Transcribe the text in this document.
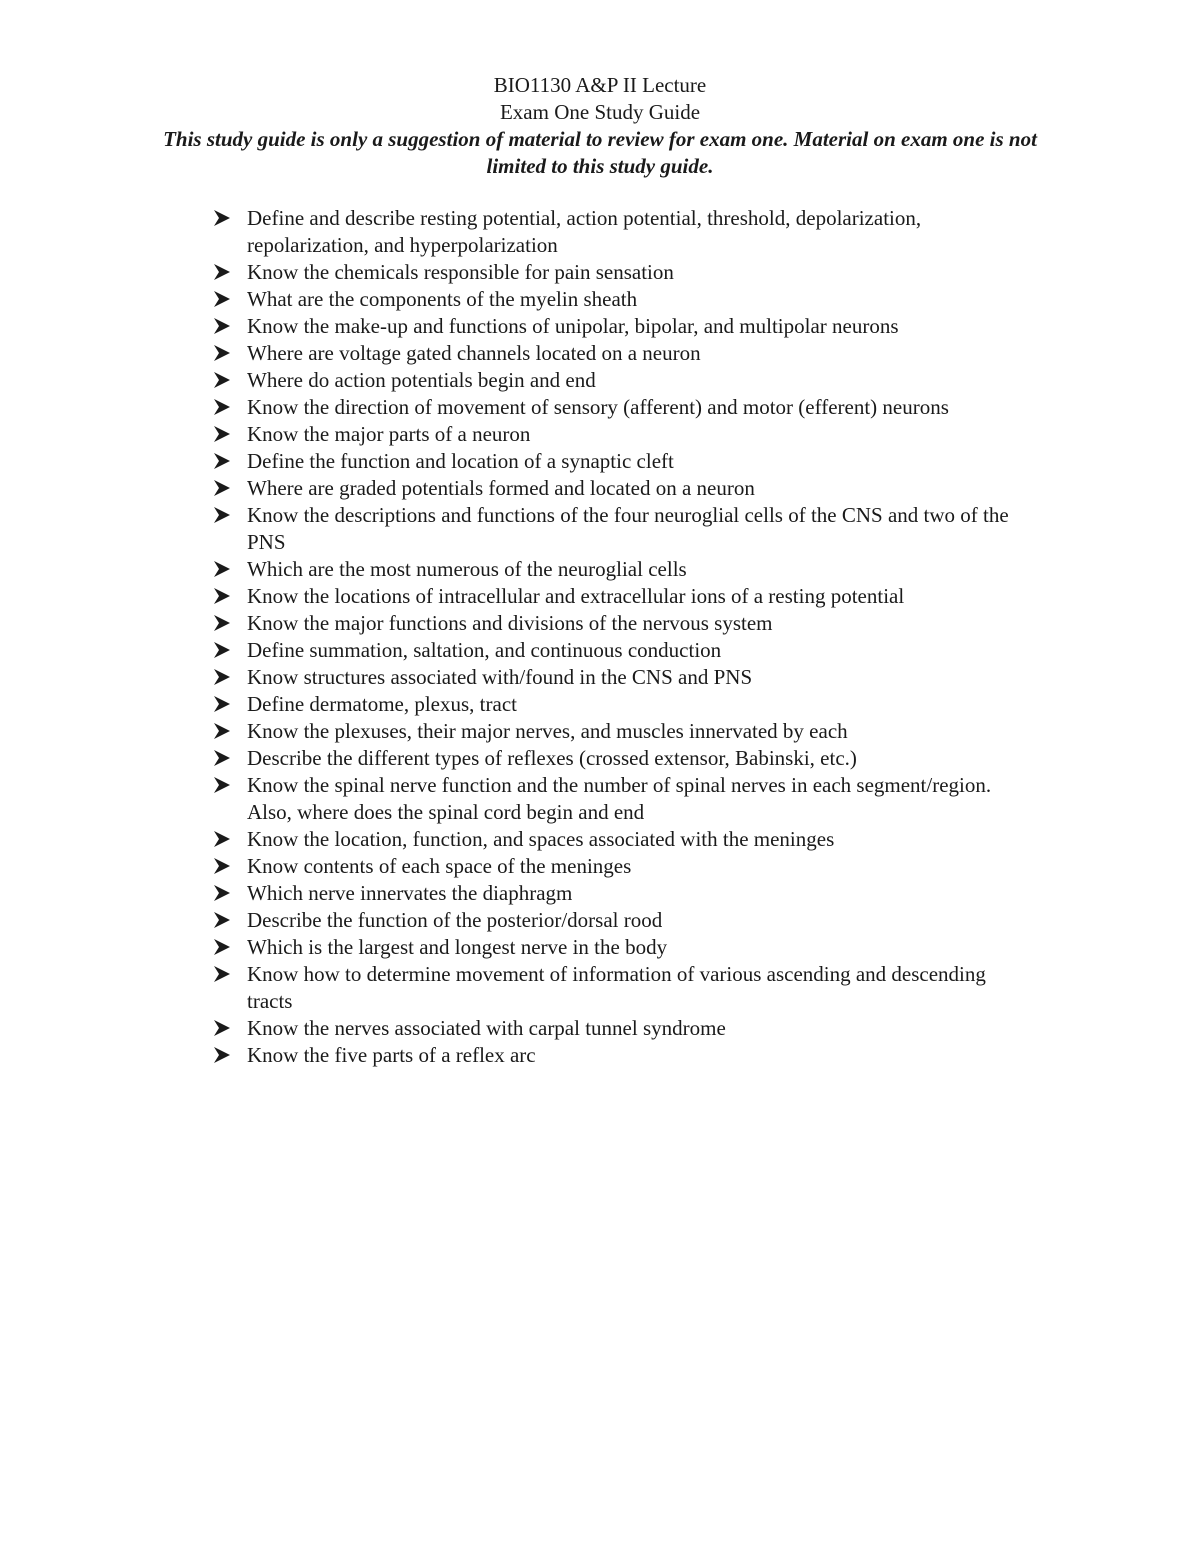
BIO1130 A&P II Lecture
Exam One Study Guide
This study guide is only a suggestion of material to review for exam one. Material on exam one is not limited to this study guide.
Define and describe resting potential, action potential, threshold, depolarization, repolarization, and hyperpolarization
Know the chemicals responsible for pain sensation
What are the components of the myelin sheath
Know the make-up and functions of unipolar, bipolar, and multipolar neurons
Where are voltage gated channels located on a neuron
Where do action potentials begin and end
Know the direction of movement of sensory (afferent) and motor (efferent) neurons
Know the major parts of a neuron
Define the function and location of a synaptic cleft
Where are graded potentials formed and located on a neuron
Know the descriptions and functions of the four neuroglial cells of the CNS and two of the PNS
Which are the most numerous of the neuroglial cells
Know the locations of intracellular and extracellular ions of a resting potential
Know the major functions and divisions of the nervous system
Define summation, saltation, and continuous conduction
Know structures associated with/found in the CNS and PNS
Define dermatome, plexus, tract
Know the plexuses, their major nerves, and muscles innervated by each
Describe the different types of reflexes (crossed extensor, Babinski, etc.)
Know the spinal nerve function and the number of spinal nerves in each segment/region. Also, where does the spinal cord begin and end
Know the location, function, and spaces associated with the meninges
Know contents of each space of the meninges
Which nerve innervates the diaphragm
Describe the function of the posterior/dorsal rood
Which is the largest and longest nerve in the body
Know how to determine movement of information of various ascending and descending tracts
Know the nerves associated with carpal tunnel syndrome
Know the five parts of a reflex arc
